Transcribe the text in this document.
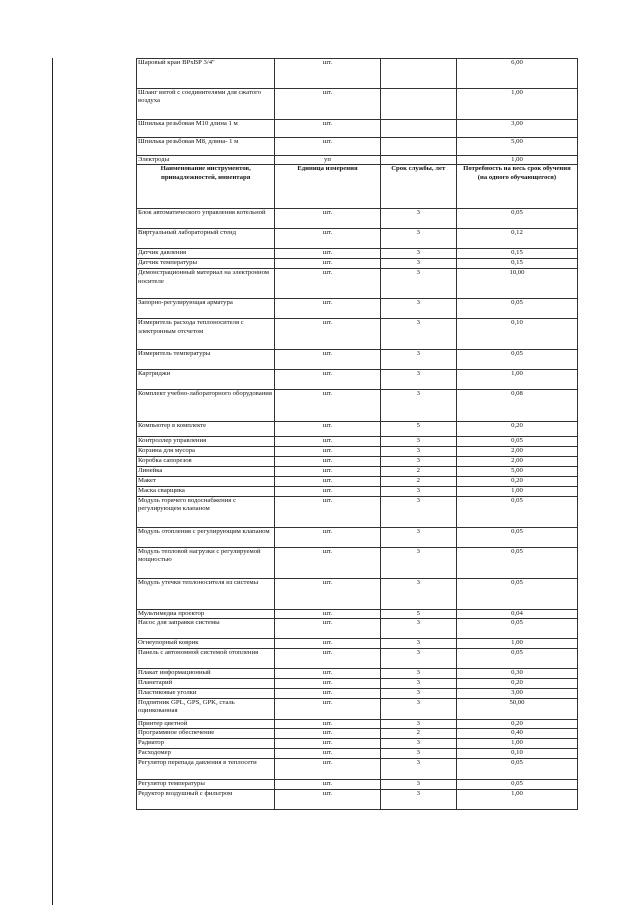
Шаровый кран ВРхВР 3/4"	шт.		6,00
Шланг витой с соединителями для сжатого воздуха	шт.		1,00
Шпилька резьбовая М10 длина 1 м	шт.		3,00
Шпилька резьбовая М8, длина- 1 м	шт.		5,00
Электроды	уп		1,00
Наименование инструментов, принадлежностей, инвентаря	Единица измерения	Срок службы, лет	Потребность на весь срок обучения (на одного обучающегося)
Блок автоматического управления котельной	шт.	3	0,05
Виртуальный лабораторный стенд	шт.	3	0,12
Датчик давления	шт.	3	0,15
Датчик температуры	шт.	3	0,15
Демонстрационный материал на электронном носителе	шт.	3	10,00
Запорно-регулирующая арматура	шт.	3	0,05
Измеритель расхода теплоносителя с электронным отсчетом	шт.	3	0,10
Измеритель температуры	шт.	3	0,05
Картриджи	шт.	3	1,00
Комплект учебно-лабораторного оборудования	шт.	3	0,08
Компьютер в комплекте	шт.	5	0,20
Контроллер управления	шт.	3	0,05
Корзина для мусора	шт.	3	2,00
Коробка сапорезов	шт.	3	2,00
Линейка	шт.	2	5,00
Макет	шт.	2	0,20
Маска сварщика	шт.	3	1,00
Модуль горячего водоснабжения с регулирующем клапаном	шт.	3	0,05
Модуль отопления с регулирующим клапаном	шт.	3	0,05
Модуль тепловой нагрузки с регулируемой мощностью	шт.	3	0,05
Модуль утечки теплоносителя из системы	шт.	3	0,05
Мультимедиа проектор	шт.	5	0,04
Насос для заправки системы	шт.	3	0,05
Огнеупорный коврик	шт.	3	1,00
Панель с автономной системой отопления	шт.	3	0,05
Плакат информационный	шт.	3	0,30
Планетарий	шт.	3	0,20
Пластиковые уголки	шт.	3	3,00
Подпятник GPL, GPS, GPK, сталь оцинкованная	шт.	3	50,00
Принтер цветной	шт.	3	0,20
Программное обеспечение	шт.	2	0,40
Радиатор	шт.	3	1,00
Расходомер	шт.	3	0,10
Регулятор перепада давления в теплосети	шт.	3	0,05
Регулятор температуры	шт.	3	0,05
Редуктор воздушный с фильтром	шт.	3	1,00
